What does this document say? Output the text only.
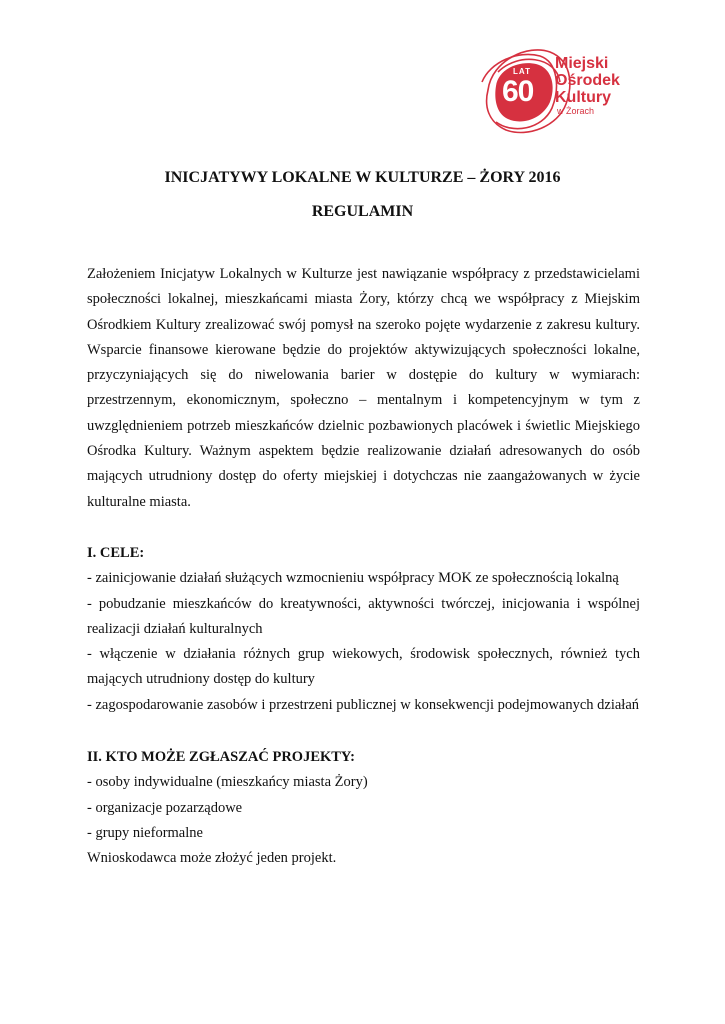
LAT
60
Miejski
Ośrodek
Kultury
w Żorach
INICJATYWY LOKALNE W KULTURZE – ŻORY 2016
REGULAMIN

Założeniem Inicjatyw Lokalnych w Kulturze jest nawiązanie współpracy z przedstawicielami społeczności lokalnej, mieszkańcami miasta Żory, którzy chcą we współpracy z Miejskim Ośrodkiem Kultury zrealizować swój pomysł na szeroko pojęte wydarzenie z zakresu kultury. Wsparcie finansowe kierowane będzie do projektów aktywizujących społeczności lokalne, przyczyniających się do niwelowania barier w dostępie do kultury w wymiarach: przestrzennym, ekonomicznym, społeczno – mentalnym i kompetencyjnym w tym z uwzględnieniem potrzeb mieszkańców dzielnic pozbawionych placówek i świetlic Miejskiego Ośrodka Kultury. Ważnym aspektem będzie realizowanie działań adresowanych do osób mających utrudniony dostęp do oferty miejskiej i dotychczas nie zaangażowanych w życie kulturalne miasta.

I. CELE:

- zainicjowanie działań służących wzmocnieniu współpracy MOK ze społecznością lokalną

- pobudzanie mieszkańców do kreatywności, aktywności twórczej, inicjowania i wspólnej realizacji działań kulturalnych

- włączenie w działania różnych grup wiekowych, środowisk społecznych, również tych mających utrudniony dostęp do kultury

- zagospodarowanie zasobów i przestrzeni publicznej w konsekwencji podejmowanych działań

II. KTO MOŻE ZGŁASZAĆ PROJEKTY:

- osoby indywidualne (mieszkańcy miasta Żory)

- organizacje pozarządowe

- grupy nieformalne

Wnioskodawca może złożyć jeden projekt.
